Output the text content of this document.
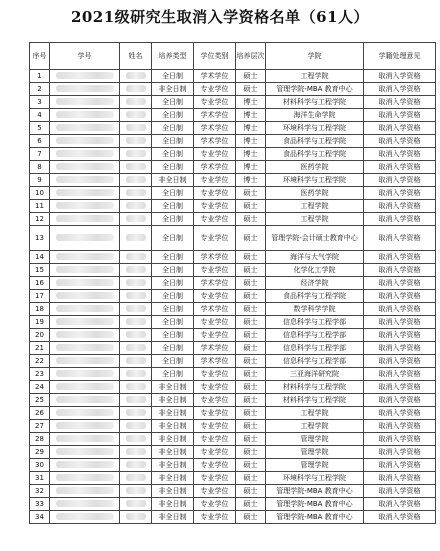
2021级研究生取消入学资格名单（61人）
序号	学号	姓名	培养类型	学位类别	培养层次	学院	学籍处理意见
1			全日制	学术学位	硕士	工程学院	取消入学资格
2			非全日制	专业学位	硕士	管理学院-MBA 教育中心	取消入学资格
3			全日制	专业学位	博士	材料科学与工程学院	取消入学资格
4			全日制	学术学位	博士	海洋生命学院	取消入学资格
5			全日制	学术学位	博士	环境科学与工程学院	取消入学资格
6			全日制	学术学位	博士	食品科学与工程学院	取消入学资格
7			全日制	专业学位	博士	食品科学与工程学院	取消入学资格
8			全日制	学术学位	博士	医药学院	取消入学资格
9			非全日制	专业学位	博士	环境科学与工程学院	取消入学资格
10			全日制	专业学位	硕士	医药学院	取消入学资格
11			全日制	专业学位	硕士	工程学院	取消入学资格
12			全日制	专业学位	硕士	工程学院	取消入学资格
13			全日制	专业学位	硕士	管理学院-会计硕士教育中心	取消入学资格
14			全日制	学术学位	硕士	海洋与大气学院	取消入学资格
15			全日制	专业学位	硕士	化学化工学院	取消入学资格
16			全日制	学术学位	硕士	经济学院	取消入学资格
17			全日制	专业学位	硕士	食品科学与工程学院	取消入学资格
18			全日制	学术学位	硕士	数学科学学院	取消入学资格
19			全日制	专业学位	硕士	信息科学与工程学部	取消入学资格
20			全日制	专业学位	硕士	信息科学与工程学部	取消入学资格
21			全日制	学术学位	硕士	信息科学与工程学部	取消入学资格
22			全日制	学术学位	硕士	信息科学与工程学部	取消入学资格
23			全日制	专业学位	硕士	三亚海洋研究院	取消入学资格
24			非全日制	专业学位	硕士	材料科学与工程学院	取消入学资格
25			非全日制	专业学位	硕士	材料科学与工程学院	取消入学资格
26			非全日制	专业学位	硕士	工程学院	取消入学资格
27			非全日制	专业学位	硕士	工程学院	取消入学资格
28			非全日制	专业学位	硕士	管理学院	取消入学资格
29			非全日制	专业学位	硕士	管理学院	取消入学资格
30			非全日制	专业学位	硕士	管理学院	取消入学资格
31			非全日制	专业学位	硕士	环境科学与工程学院	取消入学资格
32			非全日制	专业学位	硕士	管理学院-MBA 教育中心	取消入学资格
33			非全日制	专业学位	硕士	管理学院-MBA 教育中心	取消入学资格
34			非全日制	专业学位	硕士	管理学院-MBA 教育中心	取消入学资格
